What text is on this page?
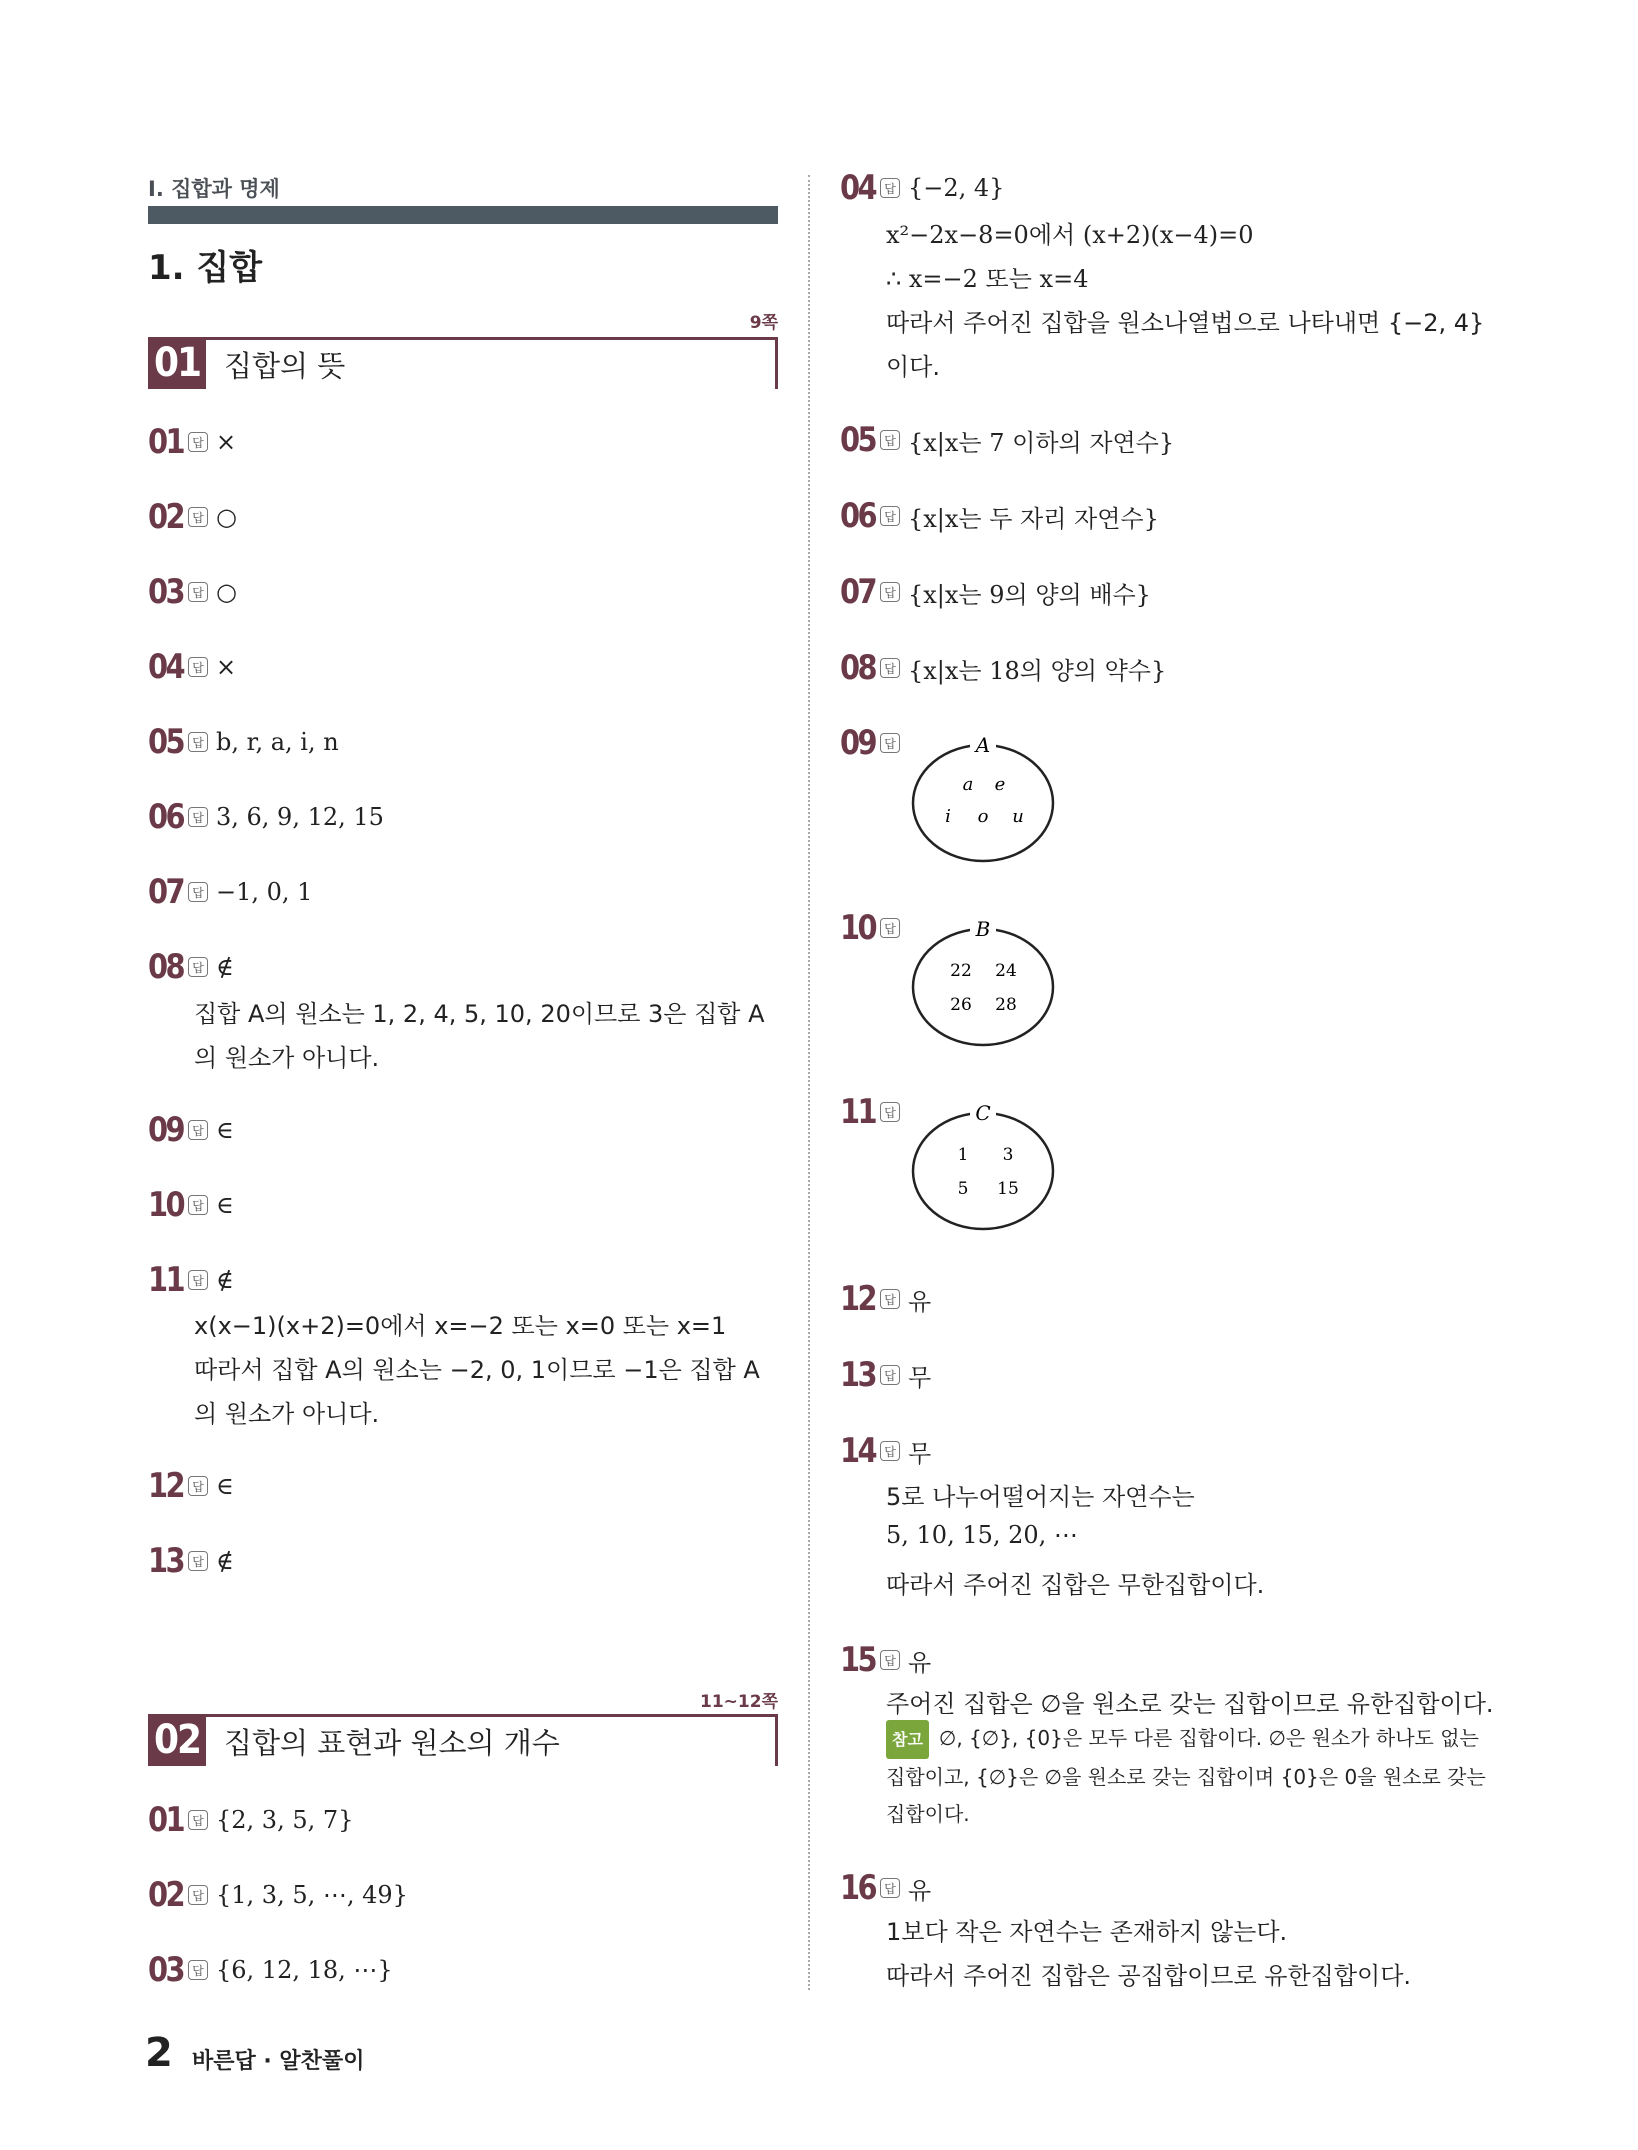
I. 집합과 명제
1. 집합
9쪽
01 집합의 뜻
01 답 ×
02 답 ○
03 답 ○
04 답 ×
05 답 b, r, a, i, n
06 답 3, 6, 9, 12, 15
07 답 −1, 0, 1
08 답 ∉
집합 A의 원소는 1, 2, 4, 5, 10, 20이므로 3은 집합 A
의 원소가 아니다.
09 답 ∈
10 답 ∈
11 답 ∉
x(x−1)(x+2)=0에서 x=−2 또는 x=0 또는 x=1
따라서 집합 A의 원소는 −2, 0, 1이므로 −1은 집합 A
의 원소가 아니다.
12 답 ∈
13 답 ∉
11~12쪽
02 집합의 표현과 원소의 개수
01 답 {2, 3, 5, 7}
02 답 {1, 3, 5, ⋯, 49}
03 답 {6, 12, 18, ⋯}
04 답 {−2, 4}
x²−2x−8=0에서 (x+2)(x−4)=0
∴ x=−2 또는 x=4
따라서 주어진 집합을 원소나열법으로 나타내면 {−2, 4}
이다.
05 답 {x|x는 7 이하의 자연수}
06 답 {x|x는 두 자리 자연수}
07 답 {x|x는 9의 양의 배수}
08 답 {x|x는 18의 양의 약수}
09 답	A
a e
i o u
10 답	B
22 24
26 28
11 답	C
1 3
5 15
12 답 유
13 답 무
14 답 무
5로 나누어떨어지는 자연수는
5, 10, 15, 20, ⋯
따라서 주어진 집합은 무한집합이다.
15 답 유
주어진 집합은 ∅을 원소로 갖는 집합이므로 유한집합이다.
참고 ∅, {∅}, {0}은 모두 다른 집합이다. ∅은 원소가 하나도 없는
집합이고, {∅}은 ∅을 원소로 갖는 집합이며 {0}은 0을 원소로 갖는
집합이다.
16 답 유
1보다 작은 자연수는 존재하지 않는다.
따라서 주어진 집합은 공집합이므로 유한집합이다.
2 바른답 · 알찬풀이
